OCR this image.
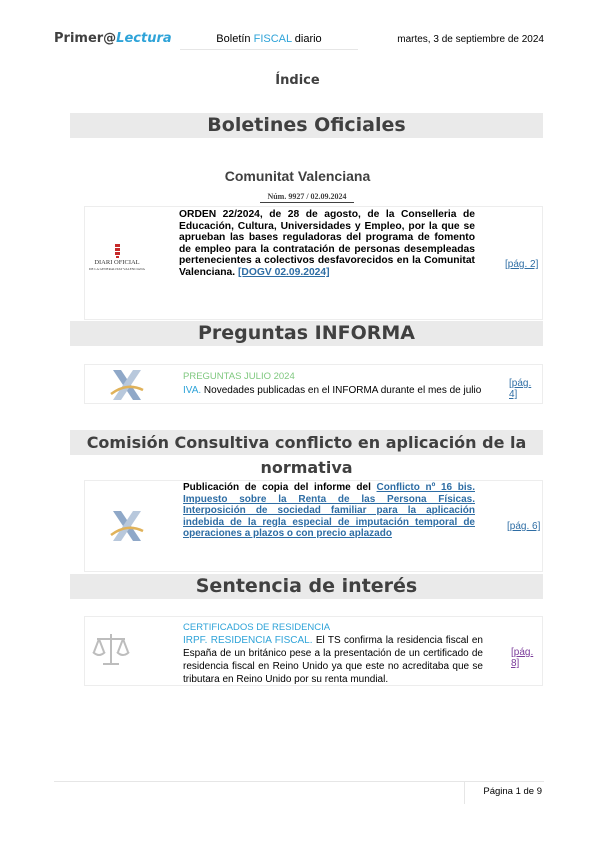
Primer@Lectura	Boletín FISCAL diario	martes, 3 de septiembre de 2024
Índice
Boletines Oficiales
Comunitat Valenciana
Núm. 9927 / 02.09.2024
DIARI OFICIAL
DE LA GENERALITAT VALENCIANA
ORDEN 22/2024, de 28 de agosto, de la Conselleria de Educación, Cultura, Universidades y Empleo, por la que se aprueban las bases reguladoras del programa de fomento de empleo para la contratación de personas desempleadas pertenecientes a colectivos desfavorecidos en la Comunitat Valenciana. [DOGV 02.09.2024]
[pág. 2]
Preguntas INFORMA
PREGUNTAS JULIO 2024
IVA. Novedades publicadas en el INFORMA durante el mes de julio
[pág. 4]
Comisión Consultiva conflicto en aplicación de la normativa
Publicación de copia del informe del Conflicto nº 16 bis. Impuesto sobre la Renta de las Persona Físicas. Interposición de sociedad familiar para la aplicación indebida de la regla especial de imputación temporal de operaciones a plazos o con precio aplazado
[pág. 6]
Sentencia de interés
CERTIFICADOS DE RESIDENCIA
IRPF. RESIDENCIA FISCAL. El TS confirma la residencia fiscal en España de un británico pese a la presentación de un certificado de residencia fiscal en Reino Unido ya que este no acreditaba que se tributara en Reino Unido por su renta mundial.
[pág. 8]
Página 1 de 9
